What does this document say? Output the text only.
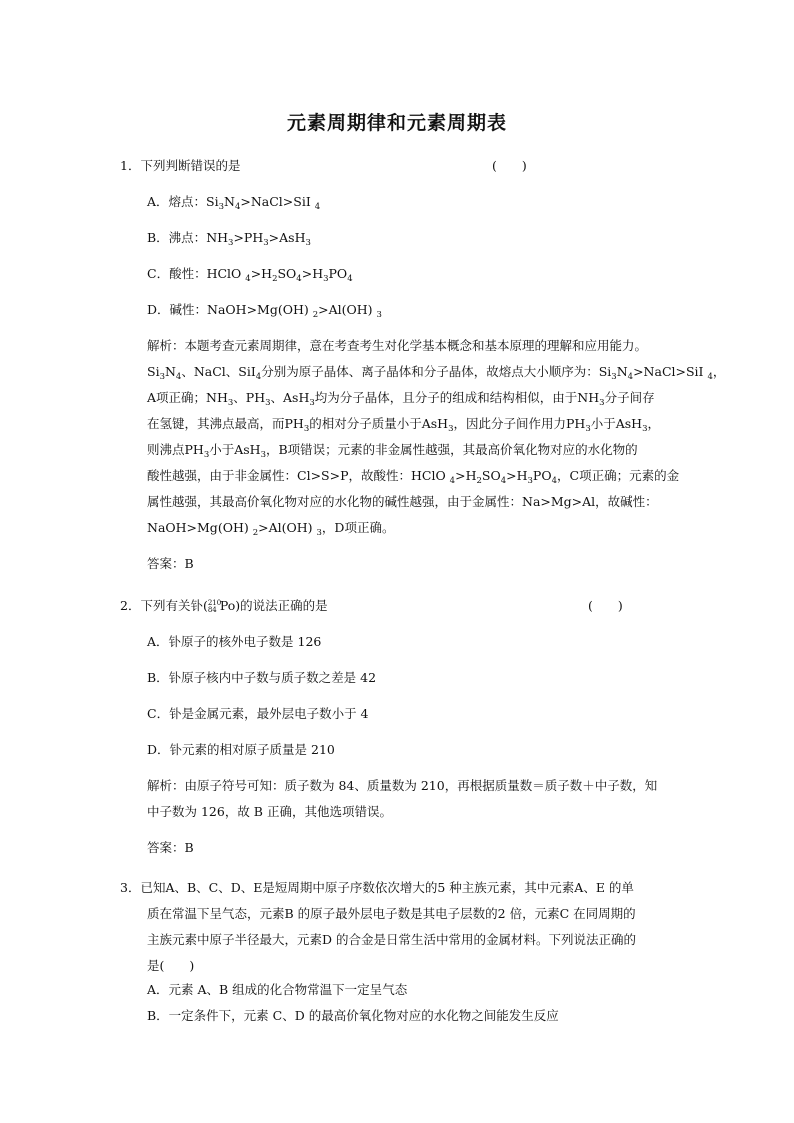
元素周期律和元素周期表
1．下列判断错误的是	(　　)
A．熔点：$Si_3N_4>NaCl>SiI$ $_4$
B．沸点：$NH_3>PH_3>AsH_3$
C．酸性：HClO $_4>H_2SO_4>H_3PO_4$
D．碱性：NaOH>Mg(OH) $_2$>Al(OH) $_3$
解析：本题考查元素周期律，意在考查考生对化学基本概念和基本原理的理解和应用能力。
$Si_3N_4$、NaCl、SiI$_4$分别为原子晶体、离子晶体和分子晶体，故熔点大小顺序为：$Si_3N_4>NaCl>SiI$ $_4$，
A项正确；$NH_3$、$PH_3$、AsH$_3$均为分子晶体，且分子的组成和结构相似，由于$NH_3$分子间存
在氢键，其沸点最高，而$PH_3$的相对分子质量小于AsH$_3$，因此分子间作用力$PH_3$小于AsH$_3$，
则沸点$PH_3$小于AsH$_3$，B项错误；元素的非金属性越强，其最高价氧化物对应的水化物的
酸性越强，由于非金属性：Cl>S>P，故酸性：HClO $_4>H_2SO_4>H_3PO_4$，C项正确；元素的金
属性越强，其最高价氧化物对应的水化物的碱性越强，由于金属性：Na>Mg>Al，故碱性：
NaOH>Mg(OH) $_2$>Al(OH) $_3$，D项正确。
答案：B
2．下列有关钋( 210
84 Po)的说法正确的是	(　　)
A．钋原子的核外电子数是 126
B．钋原子核内中子数与质子数之差是 42
C．钋是金属元素，最外层电子数小于 4
D．钋元素的相对原子质量是 210
解析：由原子符号可知：质子数为 84、质量数为 210，再根据质量数＝质子数＋中子数，知
中子数为 126，故 B 正确，其他选项错误。
答案：B
3．已知A、B、C、D、E是短周期中原子序数依次增大的5 种主族元素，其中元素A、E 的单
质在常温下呈气态，元素B 的原子最外层电子数是其电子层数的2 倍，元素C 在同周期的
主族元素中原子半径最大，元素D 的合金是日常生活中常用的金属材料。下列说法正确的
是(　　)
A．元素 A、B 组成的化合物常温下一定呈气态
B．一定条件下，元素 C、D 的最高价氧化物对应的水化物之间能发生反应
